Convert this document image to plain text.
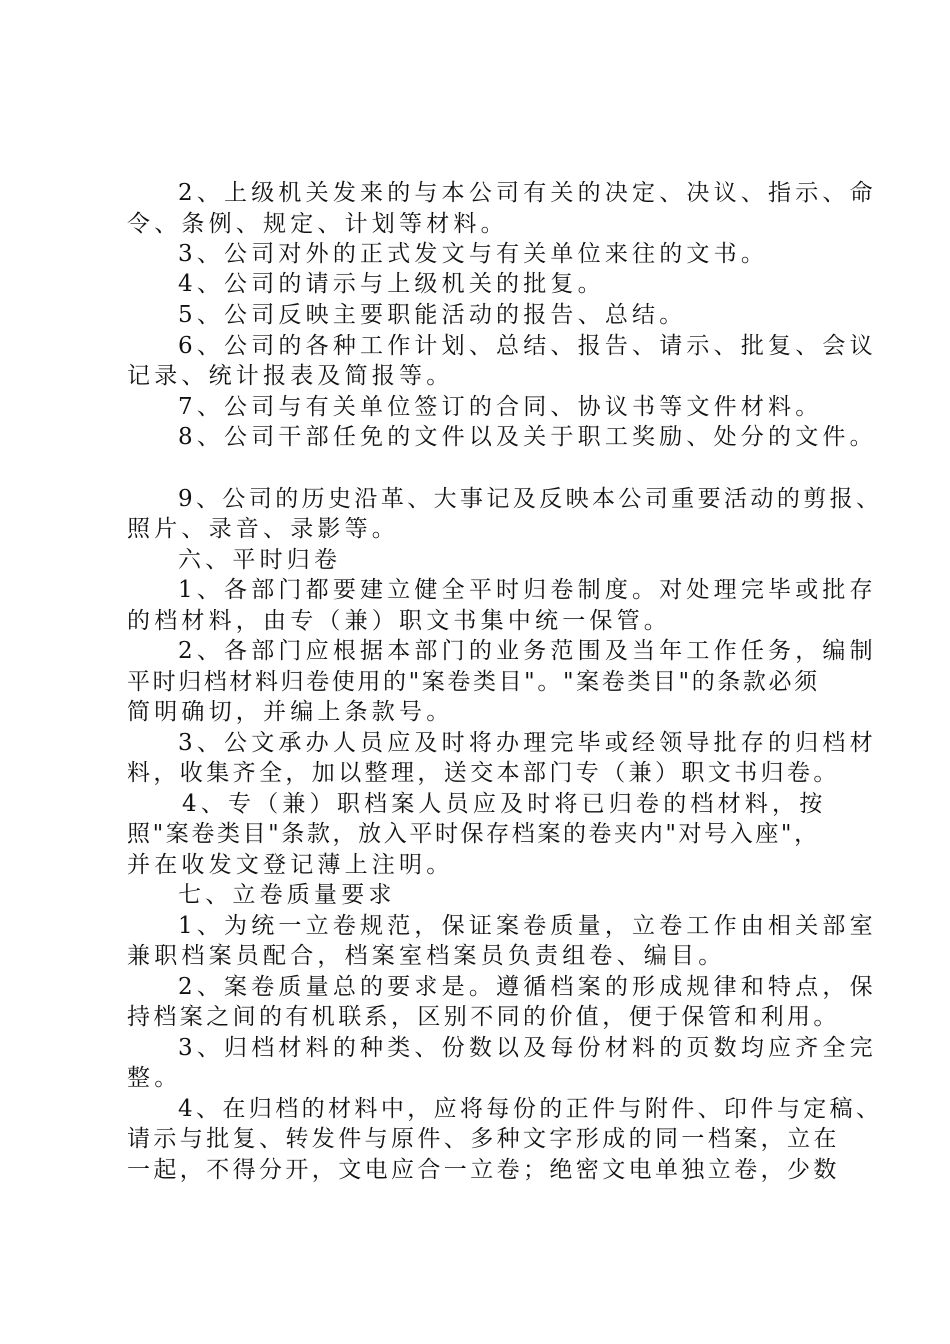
2、上级机关发来的与本公司有关的决定、决议、指示、命
令、条例、规定、计划等材料。
3、公司对外的正式发文与有关单位来往的文书。
4、公司的请示与上级机关的批复。
5、公司反映主要职能活动的报告、总结。
6、公司的各种工作计划、总结、报告、请示、批复、会议
记录、统计报表及简报等。
7、公司与有关单位签订的合同、协议书等文件材料。
8、公司干部任免的文件以及关于职工奖励、处分的文件。
9、公司的历史沿革、大事记及反映本公司重要活动的剪报、
照片、录音、录影等。
六、平时归卷
1、各部门都要建立健全平时归卷制度。对处理完毕或批存
的档材料，由专（兼）职文书集中统一保管。
2、各部门应根据本部门的业务范围及当年工作任务，编制
平时归档材料归卷使用的"案卷类目"。"案卷类目"的条款必须
简明确切，并编上条款号。
3、公文承办人员应及时将办理完毕或经领导批存的归档材
料，收集齐全，加以整理，送交本部门专（兼）职文书归卷。
4、专（兼）职档案人员应及时将已归卷的档材料，按
照"案卷类目"条款，放入平时保存档案的卷夹内"对号入座"，
并在收发文登记薄上注明。
七、立卷质量要求
1、为统一立卷规范，保证案卷质量，立卷工作由相关部室
兼职档案员配合，档案室档案员负责组卷、编目。
2、案卷质量总的要求是。遵循档案的形成规律和特点，保
持档案之间的有机联系，区别不同的价值，便于保管和利用。
3、归档材料的种类、份数以及每份材料的页数均应齐全完
整。
4、在归档的材料中，应将每份的正件与附件、印件与定稿、
请示与批复、转发件与原件、多种文字形成的同一档案，立在
一起，不得分开，文电应合一立卷；绝密文电单独立卷，少数
